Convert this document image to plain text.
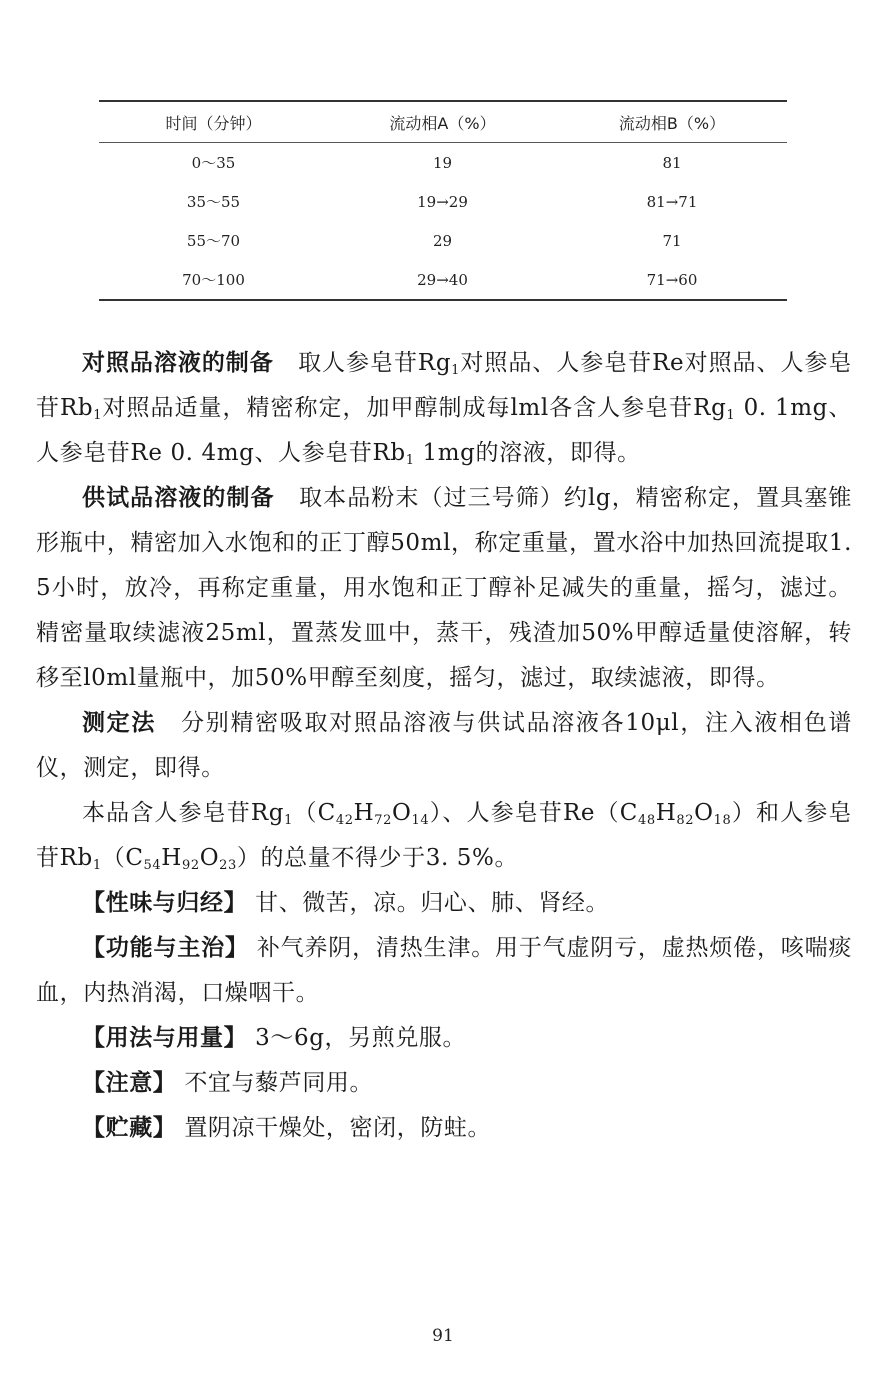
时间（分钟）	流动相A（%）	流动相B（%）
0～35	19	81
35～55	19→29	81→71
55～70	29	71
70～100	29→40	71→60

对照品溶液的制备 取人参皂苷$Rg_1$对照品、人参皂苷Re对照品、人参皂苷$Rb_1$对照品适量，精密称定，加甲醇制成每lml各含人参皂苷$Rg_1$ 0. 1mg、人参皂苷Re 0. 4mg、人参皂苷$Rb_1$ 1mg的溶液，即得。

供试品溶液的制备 取本品粉末（过三号筛）约lg，精密称定，置具塞锥形瓶中，精密加入水饱和的正丁醇50ml，称定重量，置水浴中加热回流提取1. 5小时，放冷，再称定重量，用水饱和正丁醇补足减失的重量，摇匀，滤过。精密量取续滤液25ml，置蒸发皿中，蒸干，残渣加50%甲醇适量使溶解，转移至l0ml量瓶中，加50%甲醇至刻度，摇匀，滤过，取续滤液，即得。

测定法 分别精密吸取对照品溶液与供试品溶液各10μl，注入液相色谱仪，测定，即得。

本品含人参皂苷$Rg_1(C_{42}H_{72}O_{14})$、人参皂苷$Re(C_{48}H_{82}O_{18})$和人参皂苷$Rb_1(C_{54}H_{92}O_{23})$的总量不得少于3. 5%。

【性味与归经】 甘、微苦，凉。归心、肺、肾经。

【功能与主治】 补气养阴，清热生津。用于气虚阴亏，虚热烦倦，咳喘痰血，内热消渴，口燥咽干。

【用法与用量】 3～6g，另煎兑服。

【注意】 不宜与藜芦同用。

【贮藏】 置阴凉干燥处，密闭，防蛀。

91
